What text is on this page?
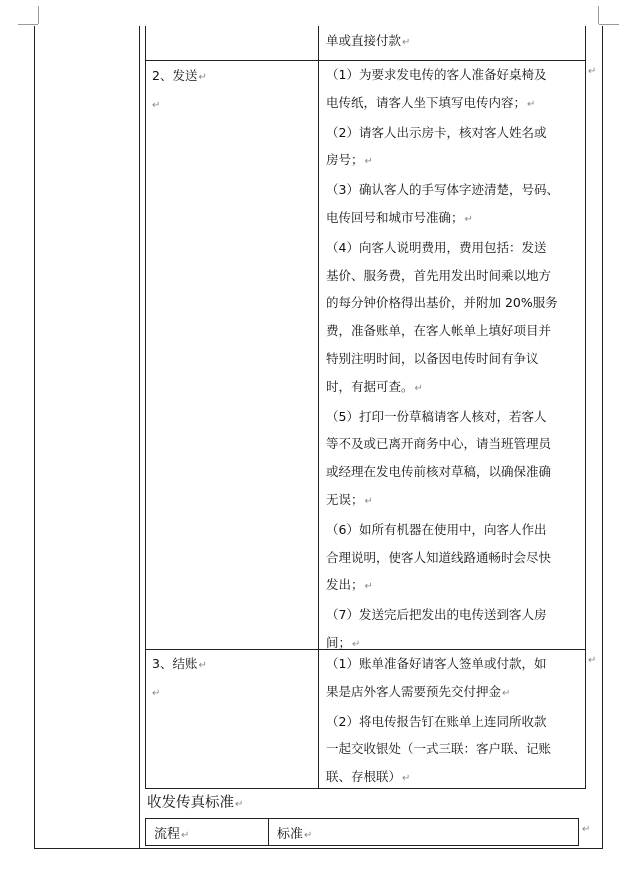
单或直接付款↵
2、发送↵
↵
（1）为要求发电传的客人准备好桌椅及
电传纸，请客人坐下填写电传内容；↵
（2）请客人出示房卡，核对客人姓名或
房号；↵
（3）确认客人的手写体字迹清楚，号码、
电传回号和城市号准确；↵
（4）向客人说明费用，费用包括：发送
基价、服务费，首先用发出时间乘以地方
的每分钟价格得出基价，并附加 20%服务
费，准备账单，在客人帐单上填好项目并
特别注明时间，以备因电传时间有争议
时，有据可查。↵
（5）打印一份草稿请客人核对，若客人
等不及或已离开商务中心，请当班管理员
或经理在发电传前核对草稿，以确保准确
无误；↵
（6）如所有机器在使用中，向客人作出
合理说明，使客人知道线路通畅时会尽快
发出；↵
（7）发送完后把发出的电传送到客人房
间；↵
3、结账↵
↵
（1）账单准备好请客人签单或付款，如
果是店外客人需要预先交付押金↵
（2）将电传报告钉在账单上连同所收款
一起交收银处（一式三联：客户联、记账
联、存根联）↵
↵
↵
↵
收发传真标准↵
流程↵	标准↵
